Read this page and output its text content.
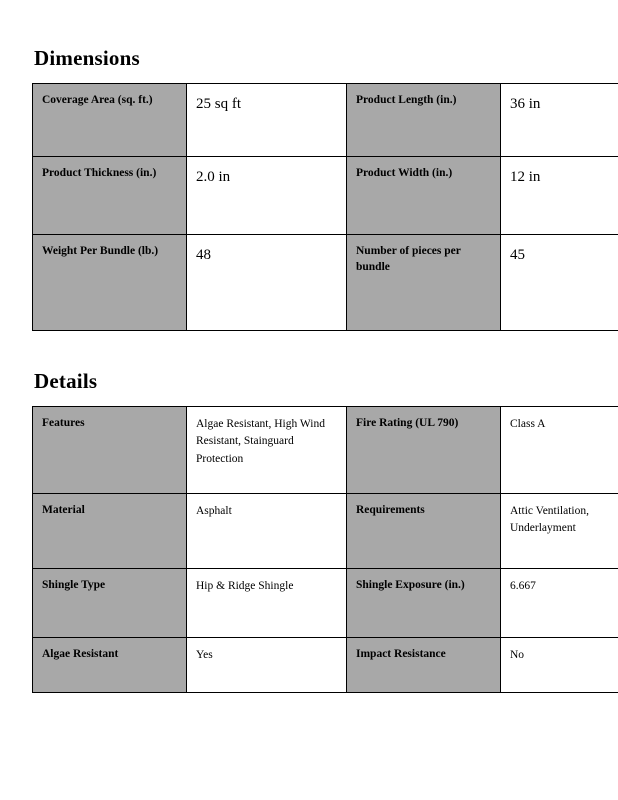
Dimensions
Coverage Area (sq. ft.)	25 sq ft	Product Length (in.)	36 in
Product Thickness (in.)	2.0 in	Product Width (in.)	12 in
Weight Per Bundle (lb.)	48	Number of pieces per bundle	45
Details
Features	Algae Resistant, High Wind Resistant, Stainguard Protection	Fire Rating (UL 790)	Class A
Material	Asphalt	Requirements	Attic Ventilation, Underlayment
Shingle Type	Hip & Ridge Shingle	Shingle Exposure (in.)	6.667
Algae Resistant	Yes	Impact Resistance	No
